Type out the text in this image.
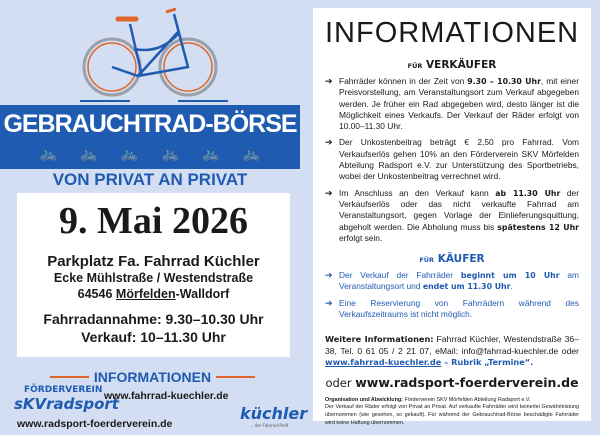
GEBRAUCHTRAD-BÖRSE
🚲 🚲 🚲 🚲 🚲 🚲
VON PRIVAT AN PRIVAT
9. Mai 2026
Parkplatz Fa. Fahrrad Küchler
Ecke Mühlstraße / Westendstraße
64546 Mörfelden-Walldorf
Fahrradannahme: 9.30–10.30 Uhr
Verkauf: 10–11.30 Uhr
INFORMATIONEN
FÖRDERVEREIN
sKVradsport
www.fahrrad-kuechler.de
www.radsport-foerderverein.de
küchler
... der Fahrrad-Profi
INFORMATIONEN
FÜR VERKÄUFER
➔ Fahrräder können in der Zeit von 9.30 – 10.30 Uhr, mit einer Preisvorstellung, am Veranstaltungsort zum Verkauf abgegeben werden. Je früher ein Rad abgegeben wird, desto länger ist die Möglichkeit eines Verkaufs. Der Verkauf der Räder erfolgt von 10.00–11.30 Uhr.
➔ Der Unkostenbeitrag beträgt € 2,50 pro Fahrrad. Vom Verkaufserlös gehen 10% an den Förderverein SKV Mörfelden Abteilung Radsport e.V. zur Unterstützung des Sportbetriebs, wobei der Unkostenbeitrag verrechnet wird.
➔ Im Anschluss an den Verkauf kann ab 11.30 Uhr der Verkaufserlös oder das nicht verkaufte Fahrrad am Veranstaltungsort, gegen Vorlage der Einlieferungsquittung, abgeholt werden. Die Abholung muss bis spätestens 12 Uhr erfolgt sein.
FÜR KÄUFER
➔ Der Verkauf der Fahrräder beginnt um 10 Uhr am Veranstaltungsort und endet um 11.30 Uhr.
➔ Eine Reservierung von Fahrrädern während des Verkaufszeitraums ist nicht möglich.
Weitere Informationen: Fahrrad Küchler, Westendstraße 36–38, Tel. 0 61 05 / 2 21 07, eMail: info@fahrrad-kuechler.de oder www.fahrrad-kuechler.de – Rubrik „Termine“.
oder www.radsport-foerderverein.de
Organisation und Abwicklung: Förderverein SKV Mörfelden Abteilung Radsport e.V.
Der Verkauf der Räder erfolgt von Privat an Privat. Auf verkaufte Fahrräder wird keinerlei Gewährleistung übernommen (wie gesehen, so gekauft). Für während der Gebrauchtrad-Börse beschädigte Fahrräder wird keine Haftung übernommen.
